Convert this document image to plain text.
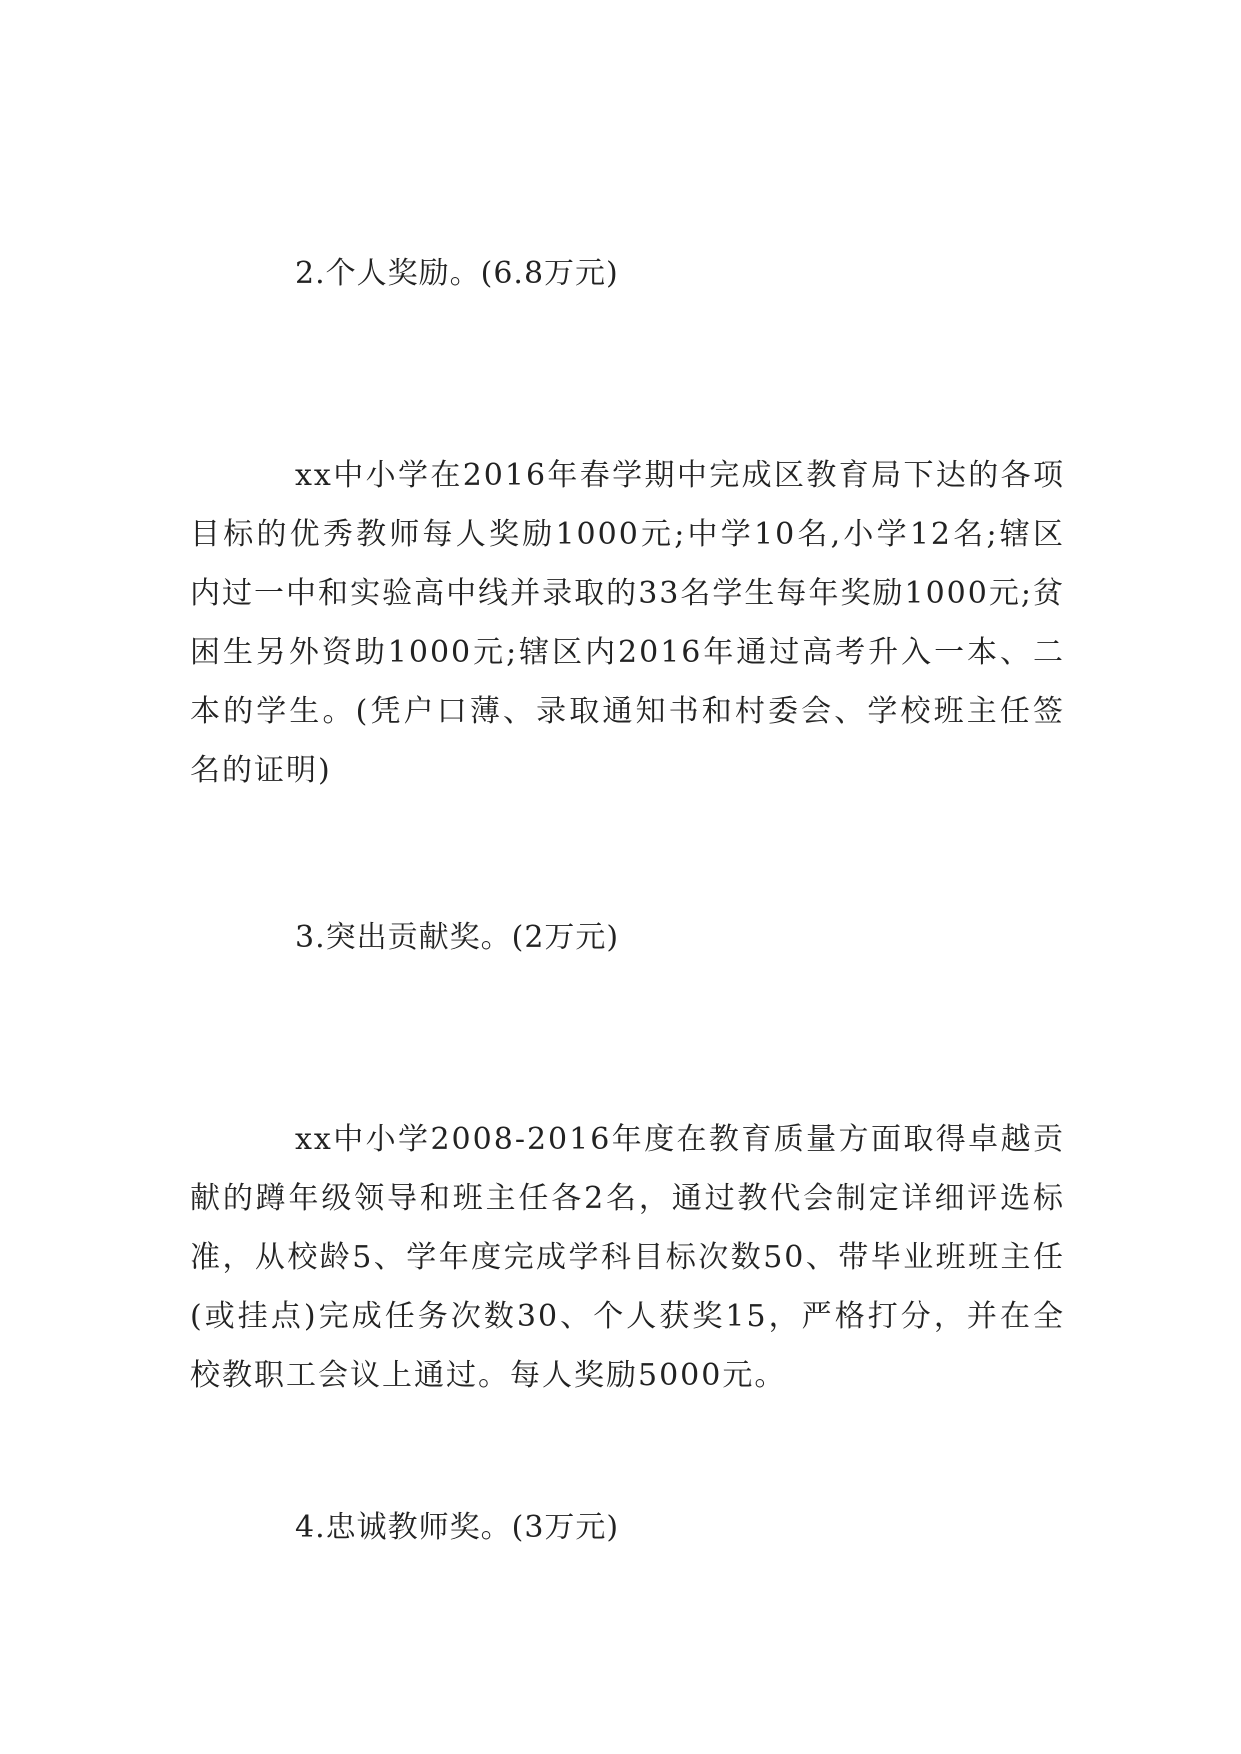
2.个人奖励。(6.8万元)

xx中小学在2016年春学期中完成区教育局下达的各项目标的优秀教师每人奖励1000元;中学10名,小学12名;辖区内过一中和实验高中线并录取的33名学生每年奖励1000元;贫困生另外资助1000元;辖区内2016年通过高考升入一本、二本的学生。(凭户口薄、录取通知书和村委会、学校班主任签名的证明)

3.突出贡献奖。(2万元)

xx中小学2008-2016年度在教育质量方面取得卓越贡献的蹲年级领导和班主任各2名，通过教代会制定详细评选标准，从校龄5、学年度完成学科目标次数50、带毕业班班主任(或挂点)完成任务次数30、个人获奖15，严格打分，并在全校教职工会议上通过。每人奖励5000元。

4.忠诚教师奖。(3万元)
